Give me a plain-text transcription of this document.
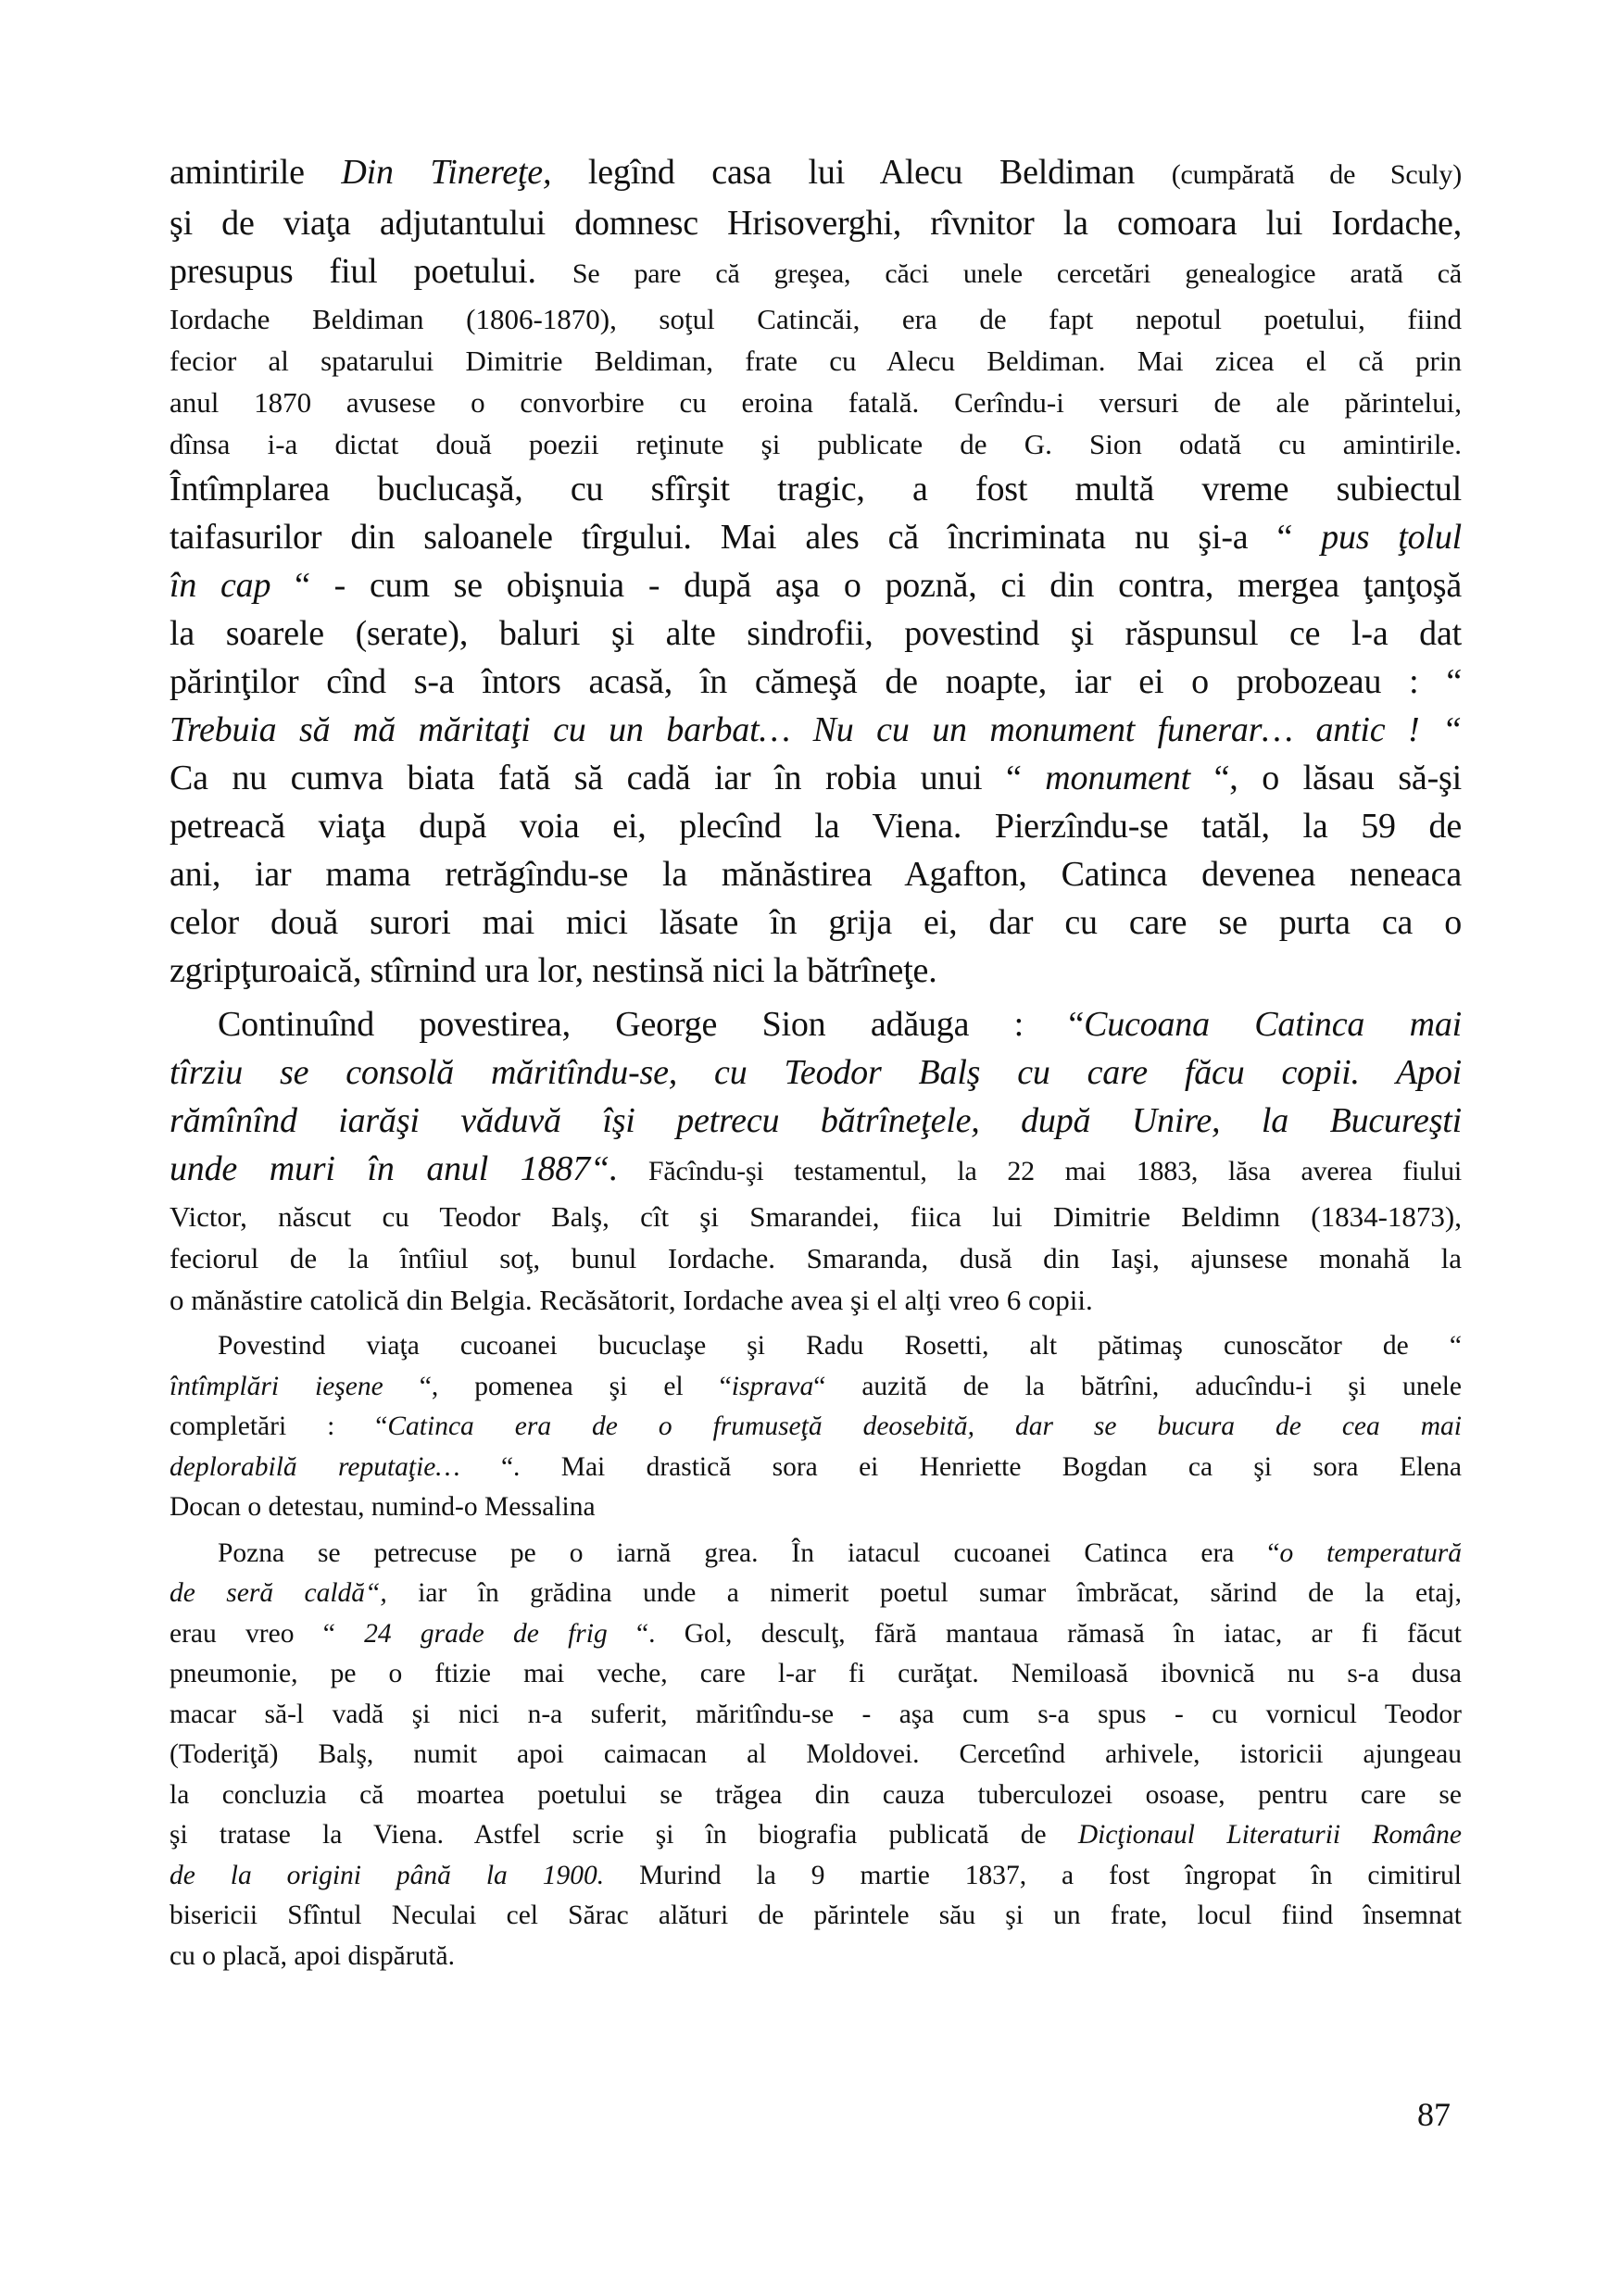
amintirile Din Tinereţe, legînd casa lui Alecu Beldiman (cumpărată de Sculy)
şi de viaţa adjutantului domnesc Hrisoverghi, rîvnitor la comoara lui Iordache,
presupus fiul poetului. Se pare că greşea, căci unele cercetări genealogice arată că
Iordache Beldiman (1806-1870), soţul Catincăi, era de fapt nepotul poetului, fiind
fecior al spatarului Dimitrie Beldiman, frate cu Alecu Beldiman. Mai zicea el că prin
anul 1870 avusese o convorbire cu eroina fatală. Cerîndu-i versuri de ale părintelui,
dînsa i-a dictat două poezii reţinute şi publicate de G. Sion odată cu amintirile.
Întîmplarea buclucaşă, cu sfîrşit tragic, a fost multă vreme subiectul
taifasurilor din saloanele tîrgului. Mai ales că încriminata nu şi-a “ pus ţolul
în cap “ - cum se obişnuia - după aşa o poznă, ci din contra, mergea ţanţoşă
la soarele (serate), baluri şi alte sindrofii, povestind şi răspunsul ce l-a dat
părinţilor cînd s-a întors acasă, în cămeşă de noapte, iar ei o probozeau : “
Trebuia să mă măritaţi cu un barbat… Nu cu un monument funerar… antic ! “
Ca nu cumva biata fată să cadă iar în robia unui “ monument “, o lăsau să-şi
petreacă viaţa după voia ei, plecînd la Viena. Pierzîndu-se tatăl, la 59 de
ani, iar mama retrăgîndu-se la mănăstirea Agafton, Catinca devenea neneaca
celor două surori mai mici lăsate în grija ei, dar cu care se purta ca o
zgripţuroaică, stîrnind ura lor, nestinsă nici la bătrîneţe.
Continuînd povestirea, George Sion adăuga : “Cucoana Catinca mai
tîrziu se consolă măritîndu-se, cu Teodor Balş cu care făcu copii. Apoi
rămînînd iarăşi văduvă îşi petrecu bătrîneţele, după Unire, la Bucureşti
unde muri în anul 1887“. Făcîndu-şi testamentul, la 22 mai 1883, lăsa averea fiului
Victor, născut cu Teodor Balş, cît şi Smarandei, fiica lui Dimitrie Beldimn (1834-1873),
feciorul de la întîiul soţ, bunul Iordache. Smaranda, dusă din Iaşi, ajunsese monahă la
o mănăstire catolică din Belgia. Recăsătorit, Iordache avea şi el alţi vreo 6 copii.
Povestind viaţa cucoanei bucuclaşe şi Radu Rosetti, alt pătimaş cunoscător de “
întîmplări ieşene “, pomenea şi el “isprava“ auzită de la bătrîni, aducîndu-i şi unele
completări : “Catinca era de o frumuseţă deosebită, dar se bucura de cea mai
deplorabilă reputaţie… “. Mai drastică sora ei Henriette Bogdan ca şi sora Elena
Docan o detestau, numind-o Messalina
Pozna se petrecuse pe o iarnă grea. În iatacul cucoanei Catinca era “o temperatură
de seră caldă“, iar în grădina unde a nimerit poetul sumar îmbrăcat, sărind de la etaj,
erau vreo “ 24 grade de frig “. Gol, desculţ, fără mantaua rămasă în iatac, ar fi făcut
pneumonie, pe o ftizie mai veche, care l-ar fi curăţat. Nemiloasă ibovnică nu s-a dusa
macar să-l vadă şi nici n-a suferit, măritîndu-se - aşa cum s-a spus - cu vornicul Teodor
(Toderiţă) Balş, numit apoi caimacan al Moldovei. Cercetînd arhivele, istoricii ajungeau
la concluzia că moartea poetului se trăgea din cauza tuberculozei osoase, pentru care se
şi tratase la Viena. Astfel scrie şi în biografia publicată de Dicţionaul Literaturii Române
de la origini până la 1900. Murind la 9 martie 1837, a fost îngropat în cimitirul
bisericii Sfîntul Neculai cel Sărac alături de părintele său şi un frate, locul fiind însemnat
cu o placă, apoi dispărută.
87
